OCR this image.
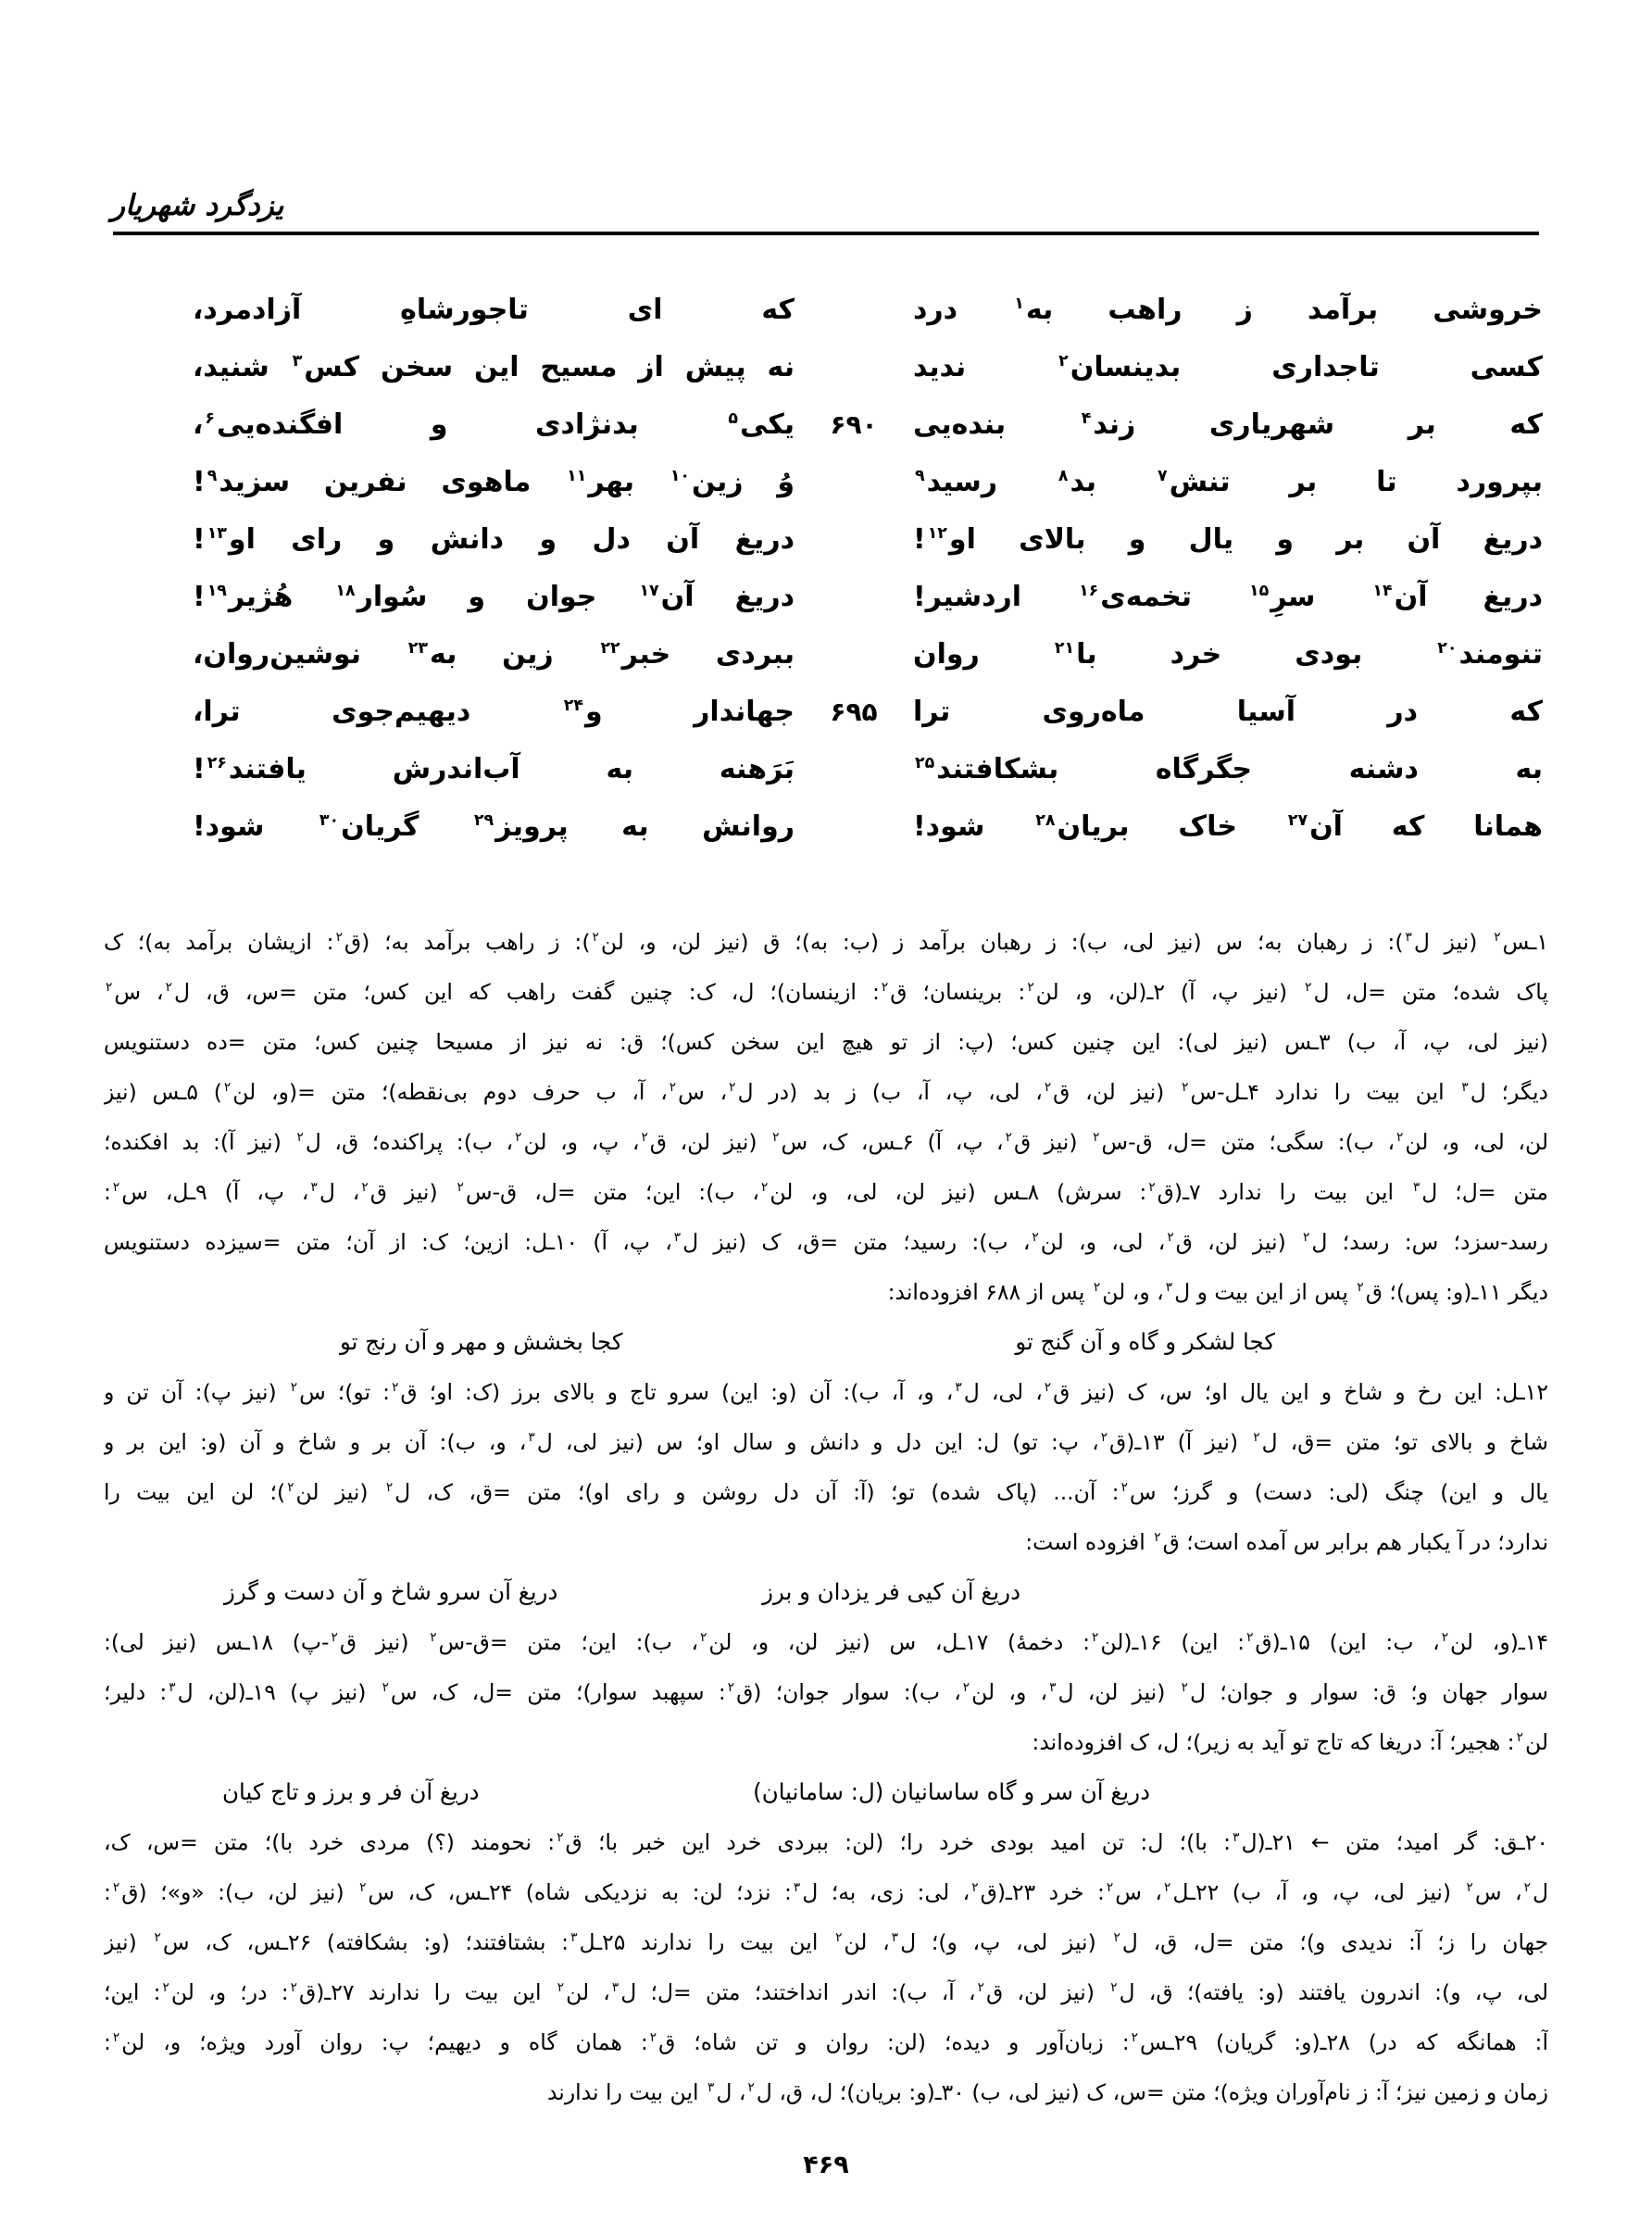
یزدگرد شهریار
خروشی برآمد ز راهب به$^۱$ درد
که ای تاجورشاهِ آزادمرد،
کسی تاجداری بدینسان$^۲$ ندید
نه پیش از مسیح این سخن کس$^۳$ شنید،
که بر شهریاری زند$^۴$ بنده‌یی
۶۹۰
یکی$^۵$ بدنژادی و افگنده‌یی$^۶$،
بپرورد تا بر تنش$^۷$ بد$^۸$ رسید$^۹$
وُ زین$^{۱۰}$ بهر$^{۱۱}$ ماهوی نفرین سزید$^۹$!
دریغ آن بر و یال و بالای او$^{۱۲}$!
دریغ آن دل و دانش و رای او$^{۱۳}$!
دریغ آن$^{۱۴}$ سرِ$^{۱۵}$ تخمه‌ی$^{۱۶}$ اردشیر!
دریغ آن$^{۱۷}$ جوان و سُوار$^{۱۸}$ هُژیر$^{۱۹}$!
تنومند$^{۲۰}$ بودی خرد با$^{۲۱}$ روان
ببردی خبر$^{۲۲}$ زین به$^{۲۳}$ نوشین‌روان،
که در آسیا ماه‌روی ترا
۶۹۵
جهاندار و$^{۲۴}$ دیهیم‌جوی ترا،
به دشنه جگرگاه بشکافتند$^{۲۵}$
بَرَهنه به آب‌اندرش یافتند$^{۲۶}$!
همانا که آن$^{۲۷}$ خاک بریان$^{۲۸}$ شود!
روانش به پرویز$^{۲۹}$ گریان$^{۳۰}$ شود!
۱ـس$^۲$ (نیز ل$^۳$): ز رهبان به؛ س (نیز لی، ب): ز رهبان برآمد ز (ب: به)؛ ق (نیز لن، و، لن$^۲$): ز راهب برآمد به؛ (ق$^۲$: ازیشان برآمد به)؛ ک
پاک شده؛ متن =ل، ل$^۲$ (نیز پ، آ) ۲ـ(لن، و، لن$^۲$: برینسان؛ ق$^۲$: ازینسان)؛ ل، ک: چنین گفت راهب که این کس؛ متن =س، ق، ل$^۲$، س$^۲$
(نیز لی، پ، آ، ب) ۳ـس (نیز لی): این چنین کس؛ (پ: از تو هیچ این سخن کس)؛ ق: نه نیز از مسیحا چنین کس؛ متن =ده دستنویس
دیگر؛ ل$^۳$ این بیت را ندارد ۴ـل-س$^۲$ (نیز لن، ق$^۲$، لی، پ، آ، ب) ز بد (در ل$^۲$، س$^۲$، آ، ب حرف دوم بی‌نقطه)؛ متن =(و، لن$^۲$) ۵ـس (نیز
لن، لی، و، لن$^۲$، ب): سگی؛ متن =ل، ق-س$^۲$ (نیز ق$^۲$، پ، آ) ۶ـس، ک، س$^۲$ (نیز لن، ق$^۲$، پ، و، لن$^۲$، ب): پراکنده؛ ق، ل$^۲$ (نیز آ): بد افکنده؛
متن =ل؛ ل$^۳$ این بیت را ندارد ۷ـ(ق$^۲$: سرش) ۸ـس (نیز لن، لی، و، لن$^۲$، ب): این؛ متن =ل، ق-س$^۲$ (نیز ق$^۲$، ل$^۳$، پ، آ) ۹ـل، س$^۲$:
رسد-سزد؛ س: رسد؛ ل$^۲$ (نیز لن، ق$^۲$، لی، و، لن$^۲$، ب): رسید؛ متن =ق، ک (نیز ل$^۳$، پ، آ) ۱۰ـل: ازین؛ ک: از آن؛ متن =سیزده دستنویس
دیگر ۱۱ـ(و: پس)؛ ق$^۲$ پس از این بیت و ل$^۳$، و، لن$^۲$ پس از ۶۸۸ افزوده‌اند:
کجا لشکر و گاه و آن گنج تو
کجا بخشش و مهر و آن رنج تو
۱۲ـل: این رخ و شاخ و این یال او؛ س، ک (نیز ق$^۲$، لی، ل$^۳$، و، آ، ب): آن (و: این) سرو تاج و بالای برز (ک: او؛ ق$^۲$: تو)؛ س$^۲$ (نیز پ): آن تن و
شاخ و بالای تو؛ متن =ق، ل$^۲$ (نیز آ) ۱۳ـ(ق$^۲$، پ: تو) ل: این دل و دانش و سال او؛ س (نیز لی، ل$^۳$، و، ب): آن بر و شاخ و آن (و: این بر و
یال و این) چنگ (لی: دست) و گرز؛ س$^۲$: آن... (پاک شده) تو؛ (آ: آن دل روشن و رای او)؛ متن =ق، ک، ل$^۲$ (نیز لن$^۲$)؛ لن این بیت را
ندارد؛ در آ یکبار هم برابر س آمده است؛ ق$^۲$ افزوده است:
دریغ آن کیی فر یزدان و برز
دریغ آن سرو شاخ و آن دست و گرز
۱۴ـ(و، لن$^۲$، ب: این) ۱۵ـ(ق$^۲$: این) ۱۶ـ(لن$^۲$: دخمهٔ) ۱۷ـل، س (نیز لن، و، لن$^۲$، ب): این؛ متن =ق-س$^۲$ (نیز ق$^۲$-پ) ۱۸ـس (نیز لی):
سوار جهان و؛ ق: سوار و جوان؛ ل$^۲$ (نیز لن، ل$^۳$، و، لن$^۲$، ب): سوار جوان؛ (ق$^۲$: سپهبد سوار)؛ متن =ل، ک، س$^۲$ (نیز پ) ۱۹ـ(لن، ل$^۳$: دلیر؛
لن$^۲$: هجیر؛ آ: دریغا که تاج تو آید به زیر)؛ ل، ک افزوده‌اند:
دریغ آن سر و گاه ساسانیان (ل: سامانیان)
دریغ آن فر و برز و تاج کیان
۲۰ـق: گر امید؛ متن ← ۲۱ـ(ل$^۳$: با)؛ ل: تن امید بودی خرد را؛ (لن: ببردی خرد این خبر با؛ ق$^۲$: نحومند (؟) مردی خرد با)؛ متن =س، ک،
ل$^۲$، س$^۲$ (نیز لی، پ، و، آ، ب) ۲۲ـل$^۲$، س$^۲$: خرد ۲۳ـ(ق$^۲$، لی: زی، به؛ ل$^۳$: نزد؛ لن: به نزدیکی شاه) ۲۴ـس، ک، س$^۲$ (نیز لن، ب): «و»؛ (ق$^۲$:
جهان را ز؛ آ: ندیدی و)؛ متن =ل، ق، ل$^۲$ (نیز لی، پ، و)؛ ل$^۳$، لن$^۲$ این بیت را ندارند ۲۵ـل$^۳$: بشتافتند؛ (و: بشکافته) ۲۶ـس، ک، س$^۲$ (نیز
لی، پ، و): اندرون یافتند (و: یافته)؛ ق، ل$^۲$ (نیز لن، ق$^۲$، آ، ب): اندر انداختند؛ متن =ل؛ ل$^۳$، لن$^۲$ این بیت را ندارند ۲۷ـ(ق$^۲$: در؛ و، لن$^۲$: این؛
آ: همانگه که در) ۲۸ـ(و: گریان) ۲۹ـس$^۲$: زبان‌آور و دیده؛ (لن: روان و تن شاه؛ ق$^۲$: همان گاه و دیهیم؛ پ: روان آورد ویژه؛ و، لن$^۲$:
زمان و زمین نیز؛ آ: ز نام‌آوران ویژه)؛ متن =س، ک (نیز لی، ب) ۳۰ـ(و: بریان)؛ ل، ق، ل$^۲$، ل$^۳$ این بیت را ندارند
۴۶۹
